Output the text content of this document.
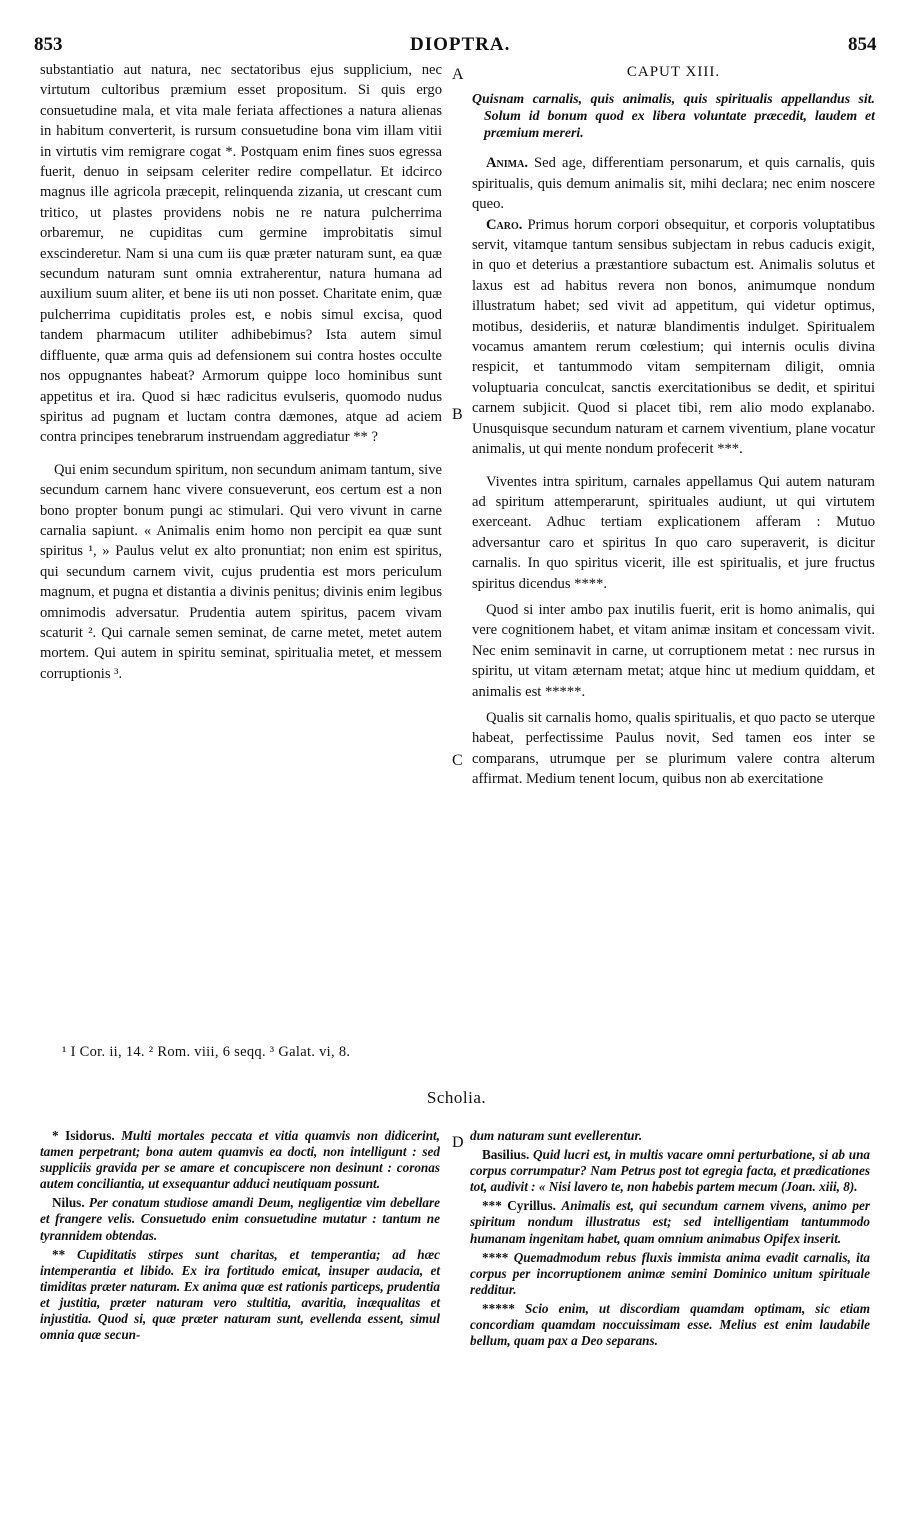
853	DIOPTRA.	854
A
B
C
D

substantiatio aut natura, nec sectatoribus ejus supplicium, nec virtutum cultoribus præmium esset propositum. Si quis ergo consuetudine mala, et vita male feriata affectiones a natura alienas in habitum converterit, is rursum consuetudine bona vim illam vitii in virtutis vim remigrare cogat *. Postquam enim fines suos egressa fuerit, denuo in seipsam celeriter redire compellatur. Et idcirco magnus ille agricola præcepit, relinquenda zizania, ut crescant cum tritico, ut plastes providens nobis ne re natura pulcherrima orbaremur, ne cupiditas cum germine improbitatis simul exscinderetur. Nam si una cum iis quæ præter naturam sunt, ea quæ secundum naturam sunt omnia extraherentur, natura humana ad auxilium suum aliter, et bene iis uti non posset. Charitate enim, quæ pulcherrima cupiditatis proles est, e nobis simul excisa, quod tandem pharmacum utiliter adhibebimus? Ista autem simul diffluente, quæ arma quis ad defensionem sui contra hostes occulte nos oppugnantes habeat? Armorum quippe loco hominibus sunt appetitus et ira. Quod si hæc radicitus evulseris, quomodo nudus spiritus ad pugnam et luctam contra dæmones, atque ad aciem contra principes tenebrarum instruendam aggrediatur ** ?

Qui enim secundum spiritum, non secundum animam tantum, sive secundum carnem hanc vivere consueverunt, eos certum est a non bono propter bonum pungi ac stimulari. Qui vero vivunt in carne carnalia sapiunt. « Animalis enim homo non percipit ea quæ sunt spiritus ¹, » Paulus velut ex alto pronuntiat; non enim est spiritus, qui secundum carnem vivit, cujus prudentia est mors periculum magnum, et pugna et distantia a divinis penitus; divinis enim legibus omnimodis adversatur. Prudentia autem spiritus, pacem vivam scaturit ². Qui carnale semen seminat, de carne metet, metet autem mortem. Qui autem in spiritu seminat, spiritualia metet, et messem corruptionis ³.

CAPUT XIII.
Quisnam carnalis, quis animalis, quis spiritualis appellandus sit. Solum id bonum quod ex libera voluntate præcedit, laudem et præmium mereri.

Anima. Sed age, differentiam personarum, et quis carnalis, quis spiritualis, quis demum animalis sit, mihi declara; nec enim noscere queo.

Caro. Primus horum corpori obsequitur, et corporis voluptatibus servit, vitamque tantum sensibus subjectam in rebus caducis exigit, in quo et deterius a præstantiore subactum est. Animalis solutus et laxus est ad habitus revera non bonos, animumque nondum illustratum habet; sed vivit ad appetitum, qui videtur optimus, motibus, desideriis, et naturæ blandimentis indulget. Spiritualem vocamus amantem rerum cœlestium; qui internis oculis divina respicit, et tantummodo vitam sempiternam diligit, omnia voluptuaria conculcat, sanctis exercitationibus se dedit, et spiritui carnem subjicit. Quod si placet tibi, rem alio modo explanabo. Unusquisque secundum naturam et carnem viventium, plane vocatur animalis, ut qui mente nondum profecerit ***.

Viventes intra spiritum, carnales appellamus Qui autem naturam ad spiritum attemperarunt, spirituales audiunt, ut qui virtutem exerceant. Adhuc tertiam explicationem afferam : Mutuo adversantur caro et spiritus In quo caro superaverit, is dicitur carnalis. In quo spiritus vicerit, ille est spiritualis, et jure fructus spiritus dicendus ****.

Quod si inter ambo pax inutilis fuerit, erit is homo animalis, qui vere cognitionem habet, et vitam animæ insitam et concessam vivit. Nec enim seminavit in carne, ut corruptionem metat : nec rursus in spiritu, ut vitam æternam metat; atque hinc ut medium quiddam, et animalis est *****.

Qualis sit carnalis homo, qualis spiritualis, et quo pacto se uterque habeat, perfectissime Paulus novit, Sed tamen eos inter se comparans, utrumque per se plurimum valere contra alterum affirmat. Medium tenent locum, quibus non ab exercitatione

¹ I Cor. ii, 14. ² Rom. viii, 6 seqq. ³ Galat. vi, 8.
Scholia.

* Isidorus. Multi mortales peccata et vitia quamvis non didicerint, tamen perpetrant; bona autem quamvis ea docti, non intelligunt : sed suppliciis gravida per se amare et concupiscere non desinunt : coronas autem conciliantia, ut exsequantur adduci neutiquam possunt.

Nilus. Per conatum studiose amandi Deum, negligentiæ vim debellare et frangere velis. Consuetudo enim consuetudine mutatur : tantum ne tyrannidem obtendas.

** Cupiditatis stirpes sunt charitas, et temperantia; ad hæc intemperantia et libido. Ex ira fortitudo emicat, insuper audacia, et timiditas præter naturam. Ex anima quæ est rationis particeps, prudentia et justitia, præter naturam vero stultitia, avaritia, inæqualitas et injustitia. Quod si, quæ præter naturam sunt, evellenda essent, simul omnia quæ secun-

dum naturam sunt evellerentur.

Basilius. Quid lucri est, in multis vacare omni perturbatione, si ab una corpus corrumpatur? Nam Petrus post tot egregia facta, et prædicationes tot, audivit : « Nisi lavero te, non habebis partem mecum (Joan. xiii, 8).

*** Cyrillus. Animalis est, qui secundum carnem vivens, animo per spiritum nondum illustratus est; sed intelligentiam tantummodo humanam ingenitam habet, quam omnium animabus Opifex inserit.

**** Quemadmodum rebus fluxis immista anima evadit carnalis, ita corpus per incorruptionem animæ semini Dominico unitum spirituale redditur.

***** Scio enim, ut discordiam quamdam optimam, sic etiam concordiam quamdam noccuissimam esse. Melius est enim laudabile bellum, quam pax a Deo separans.
